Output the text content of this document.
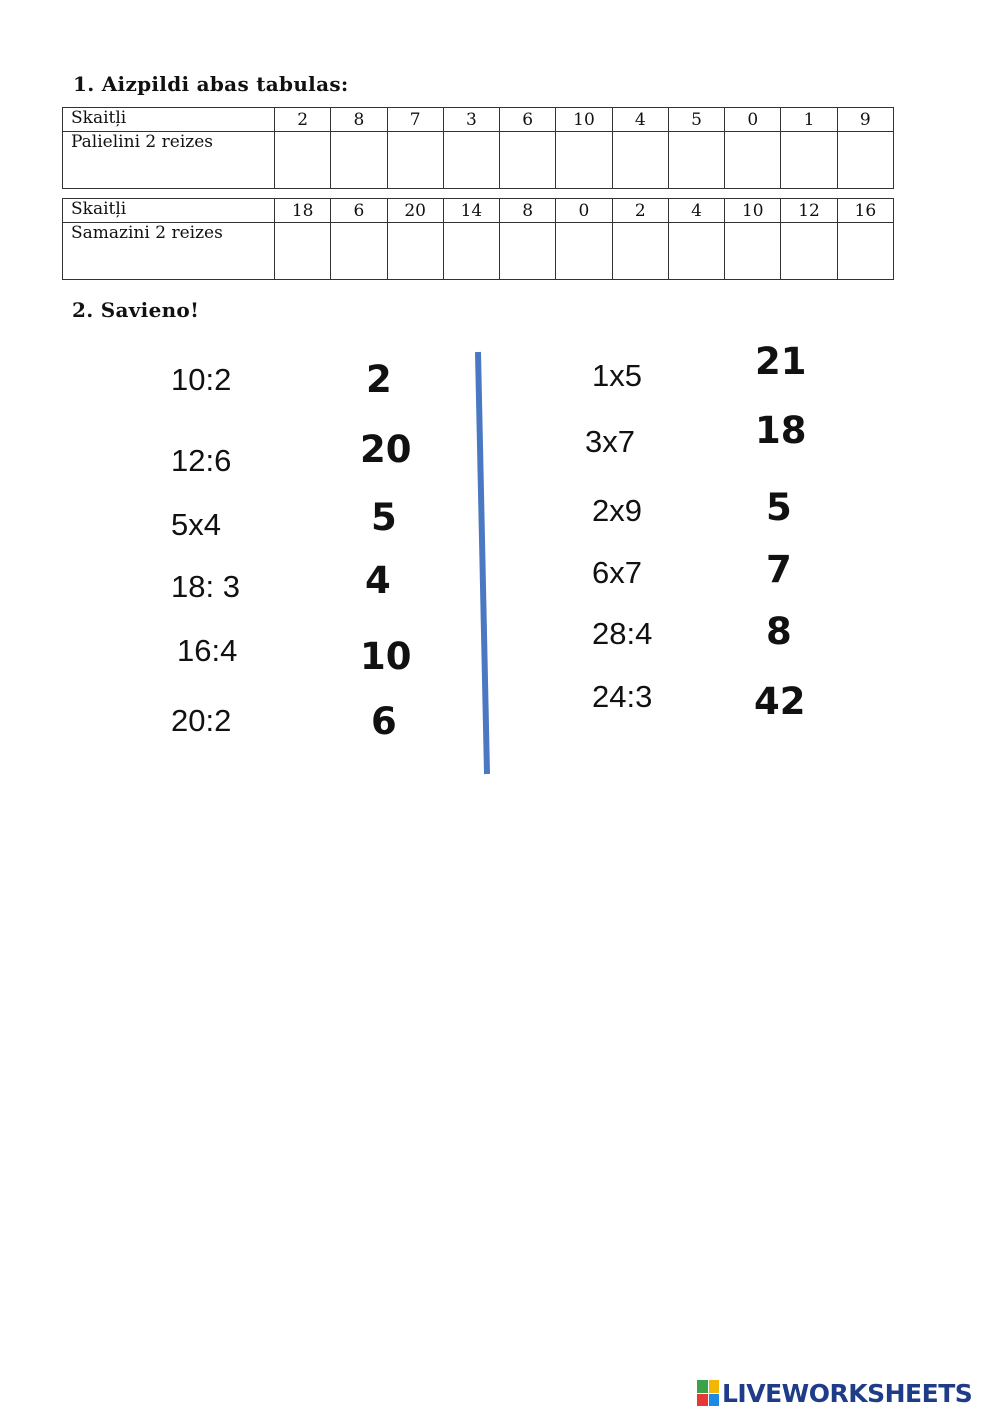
1. Aizpildi abas tabulas:
Skaitļi	2	8	7	3	6	10	4	5	0	1	9
Palielini 2 reizes											
Skaitļi	18	6	20	14	8	0	2	4	10	12	16
Samazini 2 reizes											
2. Savieno!
10:2
12:6
5x4
18: 3
16:4
20:2
2
20
5
4
10
6
1x5
3x7
2x9
6x7
28:4
24:3
21
18
5
7
8
42
LIVEWORKSHEETS
